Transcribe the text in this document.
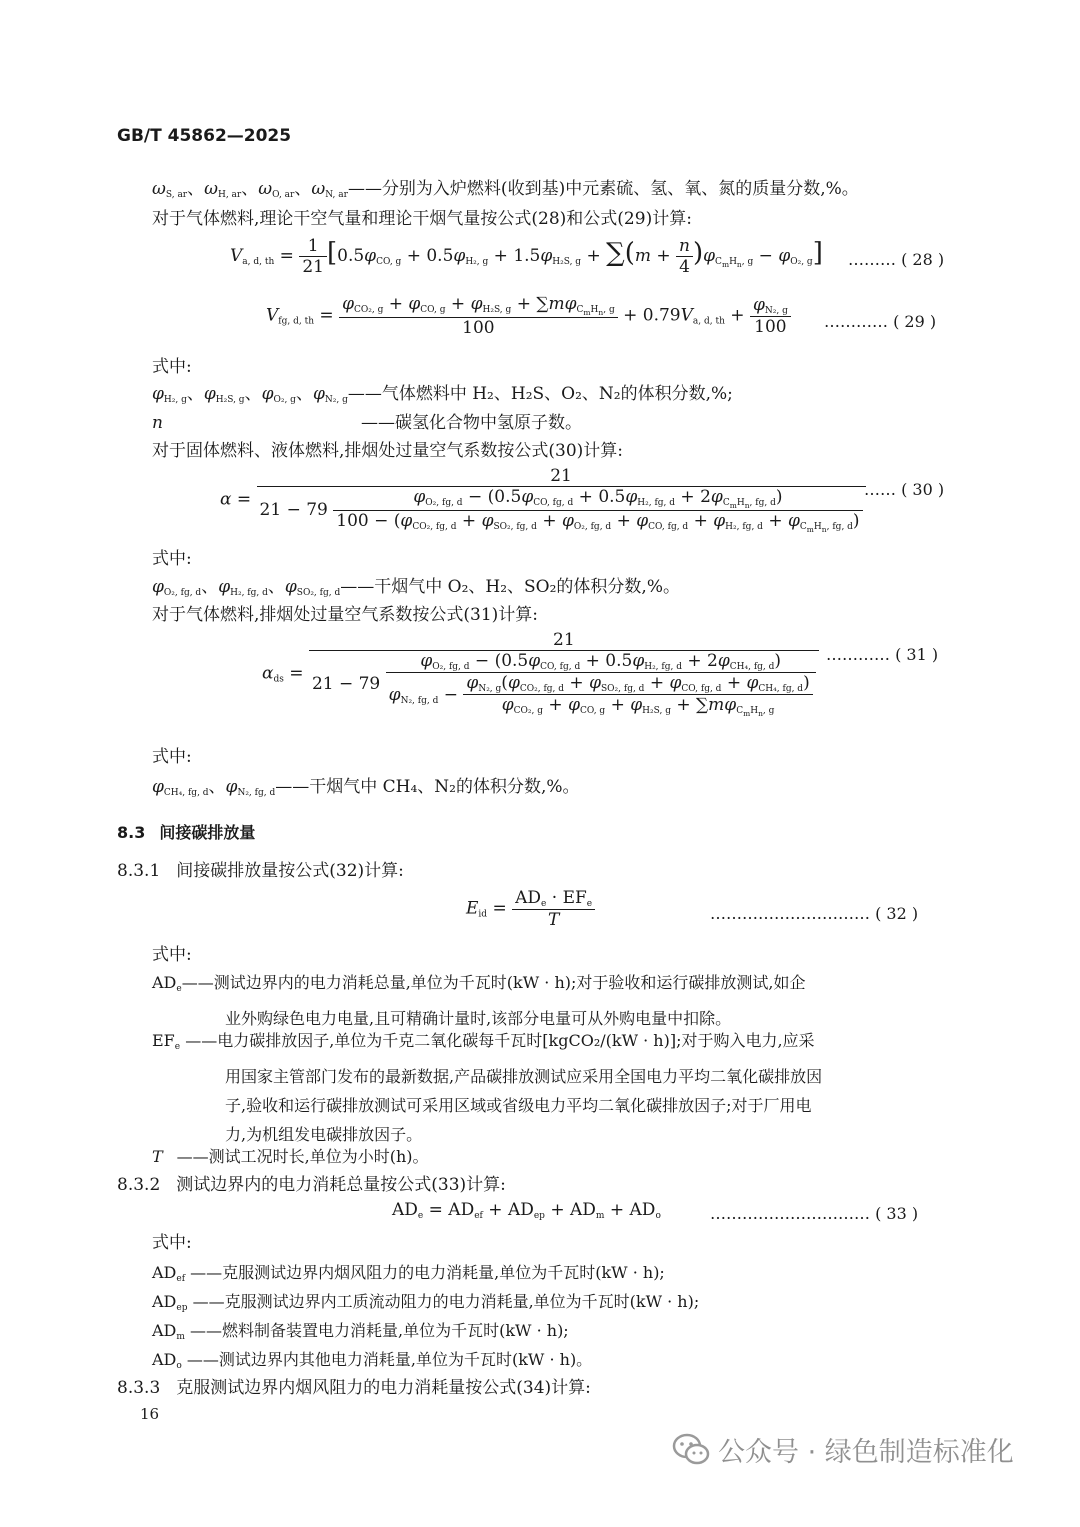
GB/T 45862—2025
ωS, ar、ωH, ar、ωO, ar、ωN, ar——分别为入炉燃料(收到基)中元素硫、氢、氧、氮的质量分数,%。
对于气体燃料,理论干空气量和理论干烟气量按公式(28)和公式(29)计算:
Va, d, th = $\frac{1}{21} [0.5\varphi CO$, g + 0.5φH₂, g + 1.5φH₂S, $g + \sum(m + \frac{n}{4} )\varphi C_mH_n$, g − φO₂, g] ……… ( 28 )
Vfg, d, th = $\frac{\varphi CO_2, g + \varphi CO, g + \varphi H_2S, g + \sum m\varphi C_mH_n, g}{100} + 0.79Va$, d, th + $\frac{\text{φN₂, g}}{100}$ ………… ( 29 )
式中:
φH₂, g、φH₂S, g、φO₂, g、φN₂, g——气体燃料中 H₂、H₂S、O₂、N₂的体积分数,%;
n	——碳氢化合物中氢原子数。
对于固体燃料、液体燃料,排烟处过量空气系数按公式(30)计算:
α =
21
21 − 79
φO₂, fg, d − (0.5φCO, fg, d + 0.5φH₂, fg, $d + 2\varphi C_mH_n$, fg, d)
100 − (φCO₂, fg, d + φSO₂, fg, d + φO₂, fg, d + φCO, fg, d + φH₂, fg, $d + \varphi C_mH_n$, fg, d)
…… ( 30 )
式中:
φO₂, fg, d、φH₂, fg, d、φSO₂, fg, d——干烟气中 O₂、H₂、SO₂的体积分数,%。
对于气体燃料,排烟处过量空气系数按公式(31)计算:
αds =
21
21 − 79
φO₂, fg, d − (0.5φCO, fg, d + 0.5φH₂, fg, d + 2φCH₄, fg, d)
φN₂, fg, $d - \frac{\text{φN₂, g(φCO₂, fg, d + φSO₂, fg, d + φCO, fg, d + φCH₄, fg, d)}}{\varphi CO_2, g + \varphi CO, g + \varphi H_2S, g + \sum m\varphi C_mH_n, g}$
………… ( 31 )
式中:
φCH₄, fg, d、φN₂, fg, d——干烟气中 CH₄、N₂的体积分数,%。
8.3 间接碳排放量
8.3.1 间接碳排放量按公式(32)计算:
Eid = $\frac{\text{ADe · EFe}}{T}$	………………………… ( 32 )
式中:
ADe——测试边界内的电力消耗总量,单位为千瓦时(kW · h);对于验收和运行碳排放测试,如企
业外购绿色电力电量,且可精确计量时,该部分电量可从外购电量中扣除。
EFe ——电力碳排放因子,单位为千克二氧化碳每千瓦时[kgCO₂/(kW · h)];对于购入电力,应采
用国家主管部门发布的最新数据,产品碳排放测试应采用全国电力平均二氧化碳排放因
子,验收和运行碳排放测试可采用区域或省级电力平均二氧化碳排放因子;对于厂用电
力,为机组发电碳排放因子。
T ——测试工况时长,单位为小时(h)。
8.3.2 测试边界内的电力消耗总量按公式(33)计算:
ADe = ADef + ADep + ADm + ADo	………………………… ( 33 )
式中:
ADef ——克服测试边界内烟风阻力的电力消耗量,单位为千瓦时(kW · h);
ADep ——克服测试边界内工质流动阻力的电力消耗量,单位为千瓦时(kW · h);
ADm ——燃料制备装置电力消耗量,单位为千瓦时(kW · h);
ADo ——测试边界内其他电力消耗量,单位为千瓦时(kW · h)。
8.3.3 克服测试边界内烟风阻力的电力消耗量按公式(34)计算:
16
公众号 · 绿色制造标准化
